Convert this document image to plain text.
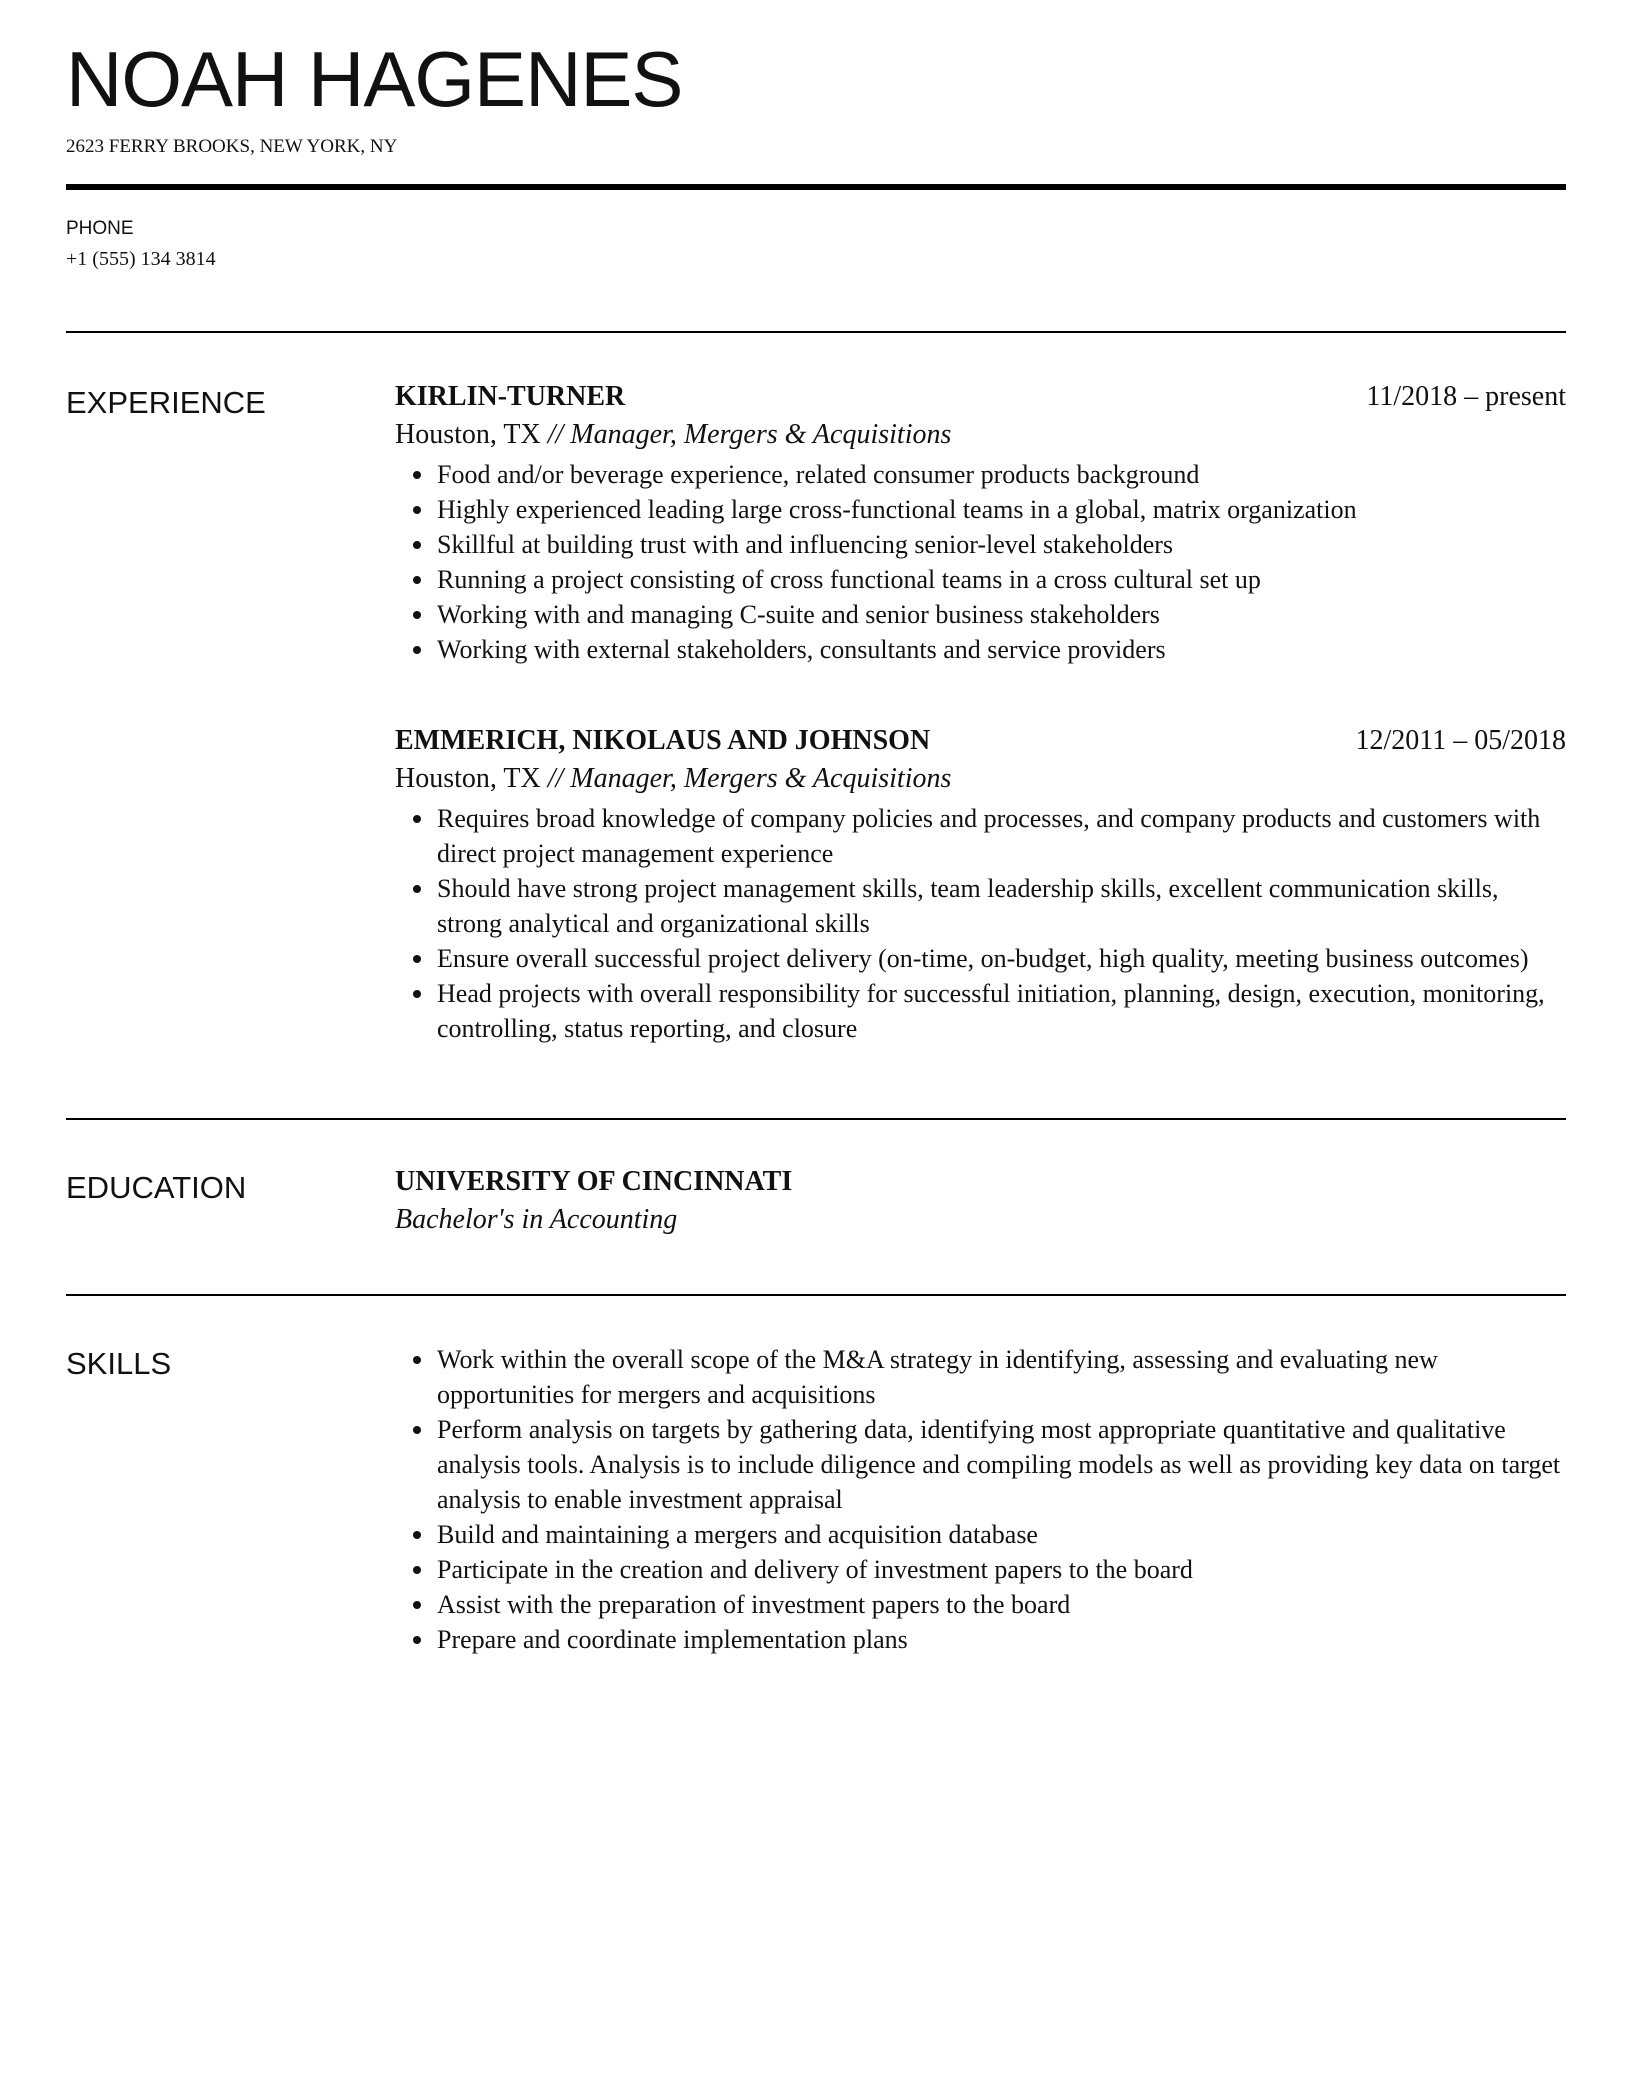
NOAH HAGENES
2623 FERRY BROOKS, NEW YORK, NY
PHONE
+1 (555) 134 3814
EXPERIENCE	KIRLIN-TURNER	11/2018 – present
Houston, TX // Manager, Mergers & Acquisitions
Food and/or beverage experience, related consumer products background
Highly experienced leading large cross-functional teams in a global, matrix organization
Skillful at building trust with and influencing senior-level stakeholders
Running a project consisting of cross functional teams in a cross cultural set up
Working with and managing C-suite and senior business stakeholders
Working with external stakeholders, consultants and service providers
EMMERICH, NIKOLAUS AND JOHNSON	12/2011 – 05/2018
Houston, TX // Manager, Mergers & Acquisitions
Requires broad knowledge of company policies and processes, and company products and customers with direct project management experience
Should have strong project management skills, team leadership skills, excellent communication skills, strong analytical and organizational skills
Ensure overall successful project delivery (on-time, on-budget, high quality, meeting business outcomes)
Head projects with overall responsibility for successful initiation, planning, design, execution, monitoring, controlling, status reporting, and closure
EDUCATION	UNIVERSITY OF CINCINNATI
Bachelor's in Accounting
SKILLS	Work within the overall scope of the M&A strategy in identifying, assessing and evaluating new opportunities for mergers and acquisitions
Perform analysis on targets by gathering data, identifying most appropriate quantitative and qualitative analysis tools. Analysis is to include diligence and compiling models as well as providing key data on target analysis to enable investment appraisal
Build and maintaining a mergers and acquisition database
Participate in the creation and delivery of investment papers to the board
Assist with the preparation of investment papers to the board
Prepare and coordinate implementation plans
